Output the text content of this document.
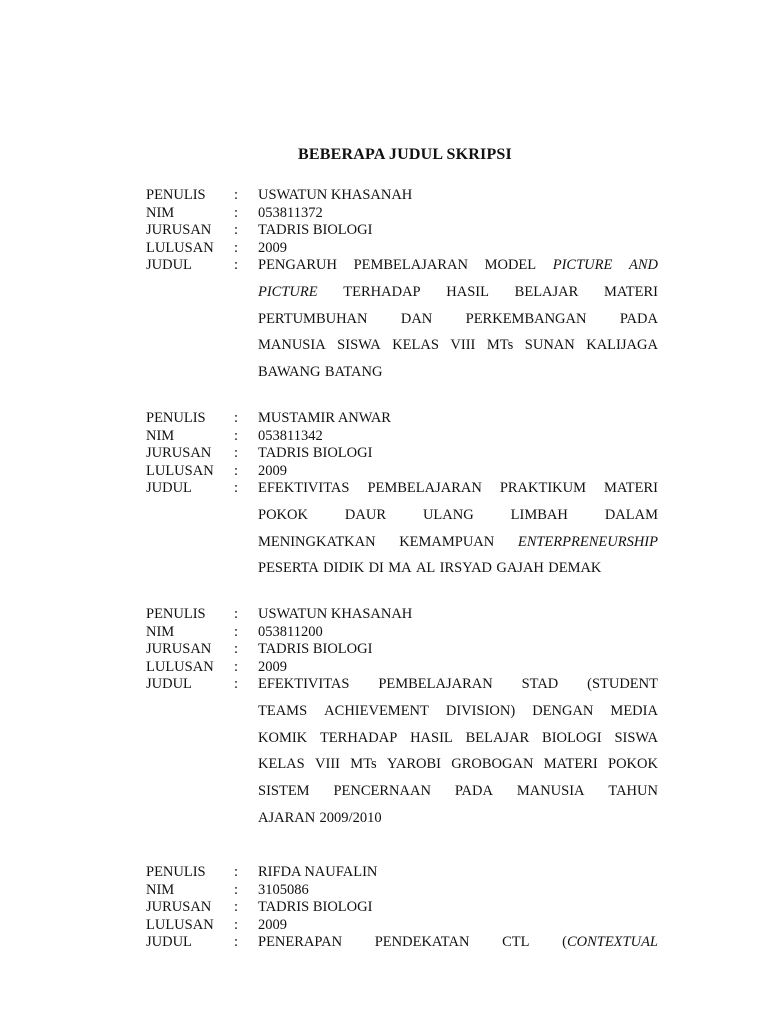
BEBERAPA JUDUL SKRIPSI
PENULIS	:	USWATUN KHASANAH
NIM	:	053811372
JURUSAN	:	TADRIS BIOLOGI
LULUSAN	:	2009
JUDUL	:	PENGARUH PEMBELAJARAN MODEL PICTURE AND
PICTURE TERHADAP HASIL BELAJAR MATERI
PERTUMBUHAN DAN PERKEMBANGAN PADA
MANUSIA SISWA KELAS VIII MTs SUNAN KALIJAGA
BAWANG BATANG
PENULIS	:	MUSTAMIR ANWAR
NIM	:	053811342
JURUSAN	:	TADRIS BIOLOGI
LULUSAN	:	2009
JUDUL	:	EFEKTIVITAS PEMBELAJARAN PRAKTIKUM MATERI
POKOK	DAUR	ULANG	LIMBAH	DALAM
MENINGKATKAN KEMAMPUAN ENTERPRENEURSHIP
PESERTA DIDIK DI MA AL IRSYAD GAJAH DEMAK
PENULIS	:	USWATUN KHASANAH
NIM	:	053811200
JURUSAN	:	TADRIS BIOLOGI
LULUSAN	:	2009
JUDUL	:	EFEKTIVITAS PEMBELAJARAN STAD (STUDENT
TEAMS ACHIEVEMENT DIVISION) DENGAN MEDIA
KOMIK TERHADAP HASIL BELAJAR BIOLOGI SISWA
KELAS VIII MTs YAROBI GROBOGAN MATERI POKOK
SISTEM PENCERNAAN PADA MANUSIA TAHUN
AJARAN 2009/2010
PENULIS	:	RIFDA NAUFALIN
NIM	:	3105086
JURUSAN	:	TADRIS BIOLOGI
LULUSAN	:	2009
JUDUL	:	PENERAPAN PENDEKATAN CTL (CONTEXTUAL
